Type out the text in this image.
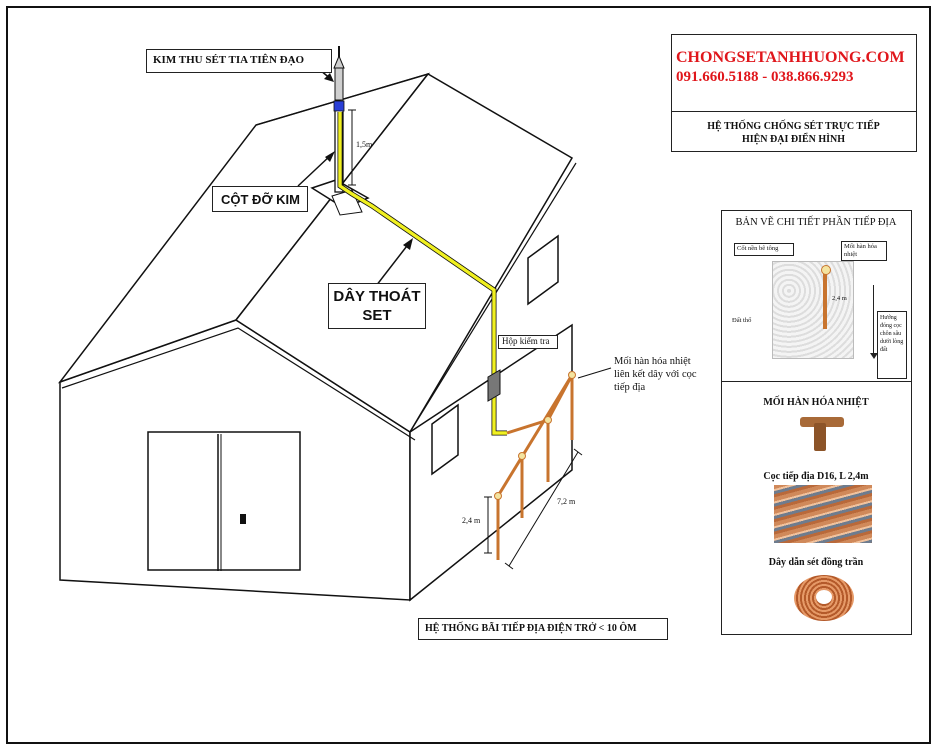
KIM THU SÉT TIA TIÊN ĐẠO
CỘT ĐỠ KIM
DÂY THOÁT
SET
Hộp kiểm tra
Mối hàn hóa nhiệt liên kết dây với cọc tiếp địa
1,5m
2,4 m
7,2 m
HỆ THỐNG BÃI TIẾP ĐỊA ĐIỆN TRỞ < 10 ÔM
CHONGSETANHHUONG.COM
091.660.5188 - 038.866.9293
HỆ THỐNG CHỐNG SÉT TRỰC TIẾP
HIỆN ĐẠI ĐIỂN HÌNH
BẢN VẼ CHI TIẾT PHẦN TIẾP ĐỊA
Cốt nền bê tông	Mối hàn hóa nhiệt
2,4 m
Đất thổ	Hướng đóng cọc chôn sâu dưới lòng đất
MỐI HÀN HÓA NHIỆT
Cọc tiếp địa D16, L 2,4m
Dây dẫn sét đồng trần
